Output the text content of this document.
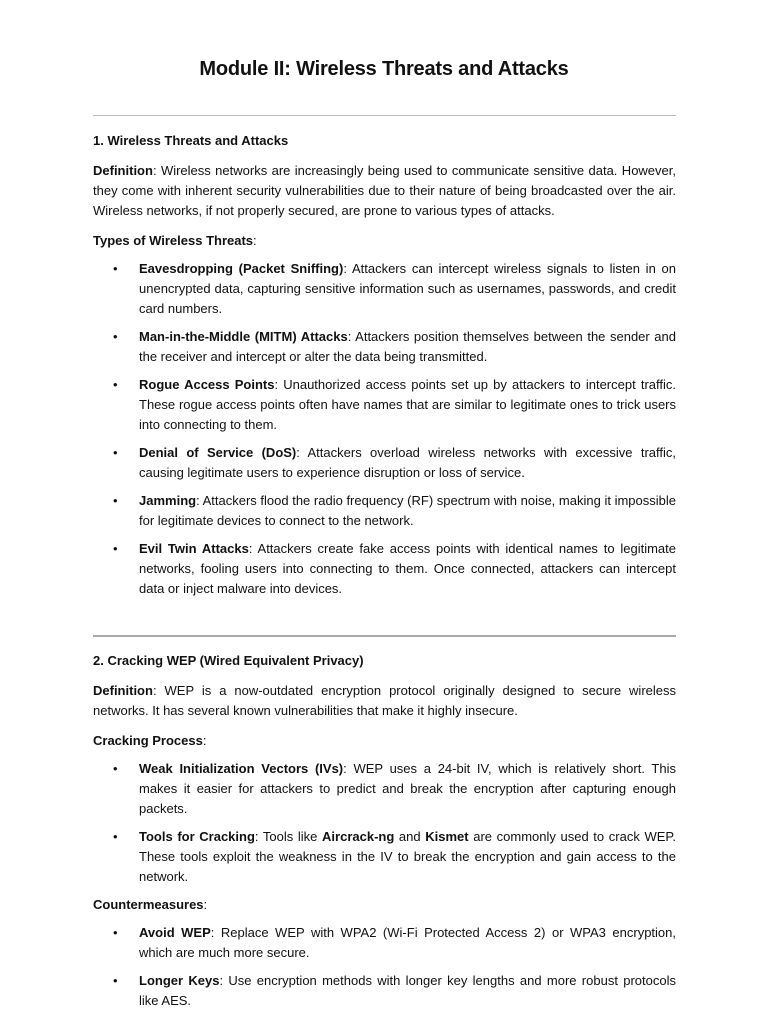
Module II: Wireless Threats and Attacks

1. Wireless Threats and Attacks

Definition: Wireless networks are increasingly being used to communicate sensitive data. However, they come with inherent security vulnerabilities due to their nature of being broadcasted over the air. Wireless networks, if not properly secured, are prone to various types of attacks.

Types of Wireless Threats:

• Eavesdropping (Packet Sniffing): Attackers can intercept wireless signals to listen in on unencrypted data, capturing sensitive information such as usernames, passwords, and credit card numbers.
• Man-in-the-Middle (MITM) Attacks: Attackers position themselves between the sender and the receiver and intercept or alter the data being transmitted.
• Rogue Access Points: Unauthorized access points set up by attackers to intercept traffic. These rogue access points often have names that are similar to legitimate ones to trick users into connecting to them.
• Denial of Service (DoS): Attackers overload wireless networks with excessive traffic, causing legitimate users to experience disruption or loss of service.
• Jamming: Attackers flood the radio frequency (RF) spectrum with noise, making it impossible for legitimate devices to connect to the network.
• Evil Twin Attacks: Attackers create fake access points with identical names to legitimate networks, fooling users into connecting to them. Once connected, attackers can intercept data or inject malware into devices.

2. Cracking WEP (Wired Equivalent Privacy)

Definition: WEP is a now-outdated encryption protocol originally designed to secure wireless networks. It has several known vulnerabilities that make it highly insecure.

Cracking Process:

• Weak Initialization Vectors (IVs): WEP uses a 24-bit IV, which is relatively short. This makes it easier for attackers to predict and break the encryption after capturing enough packets.
• Tools for Cracking: Tools like Aircrack-ng and Kismet are commonly used to crack WEP. These tools exploit the weakness in the IV to break the encryption and gain access to the network.

Countermeasures:

• Avoid WEP: Replace WEP with WPA2 (Wi-Fi Protected Access 2) or WPA3 encryption, which are much more secure.
• Longer Keys: Use encryption methods with longer key lengths and more robust protocols like AES.
